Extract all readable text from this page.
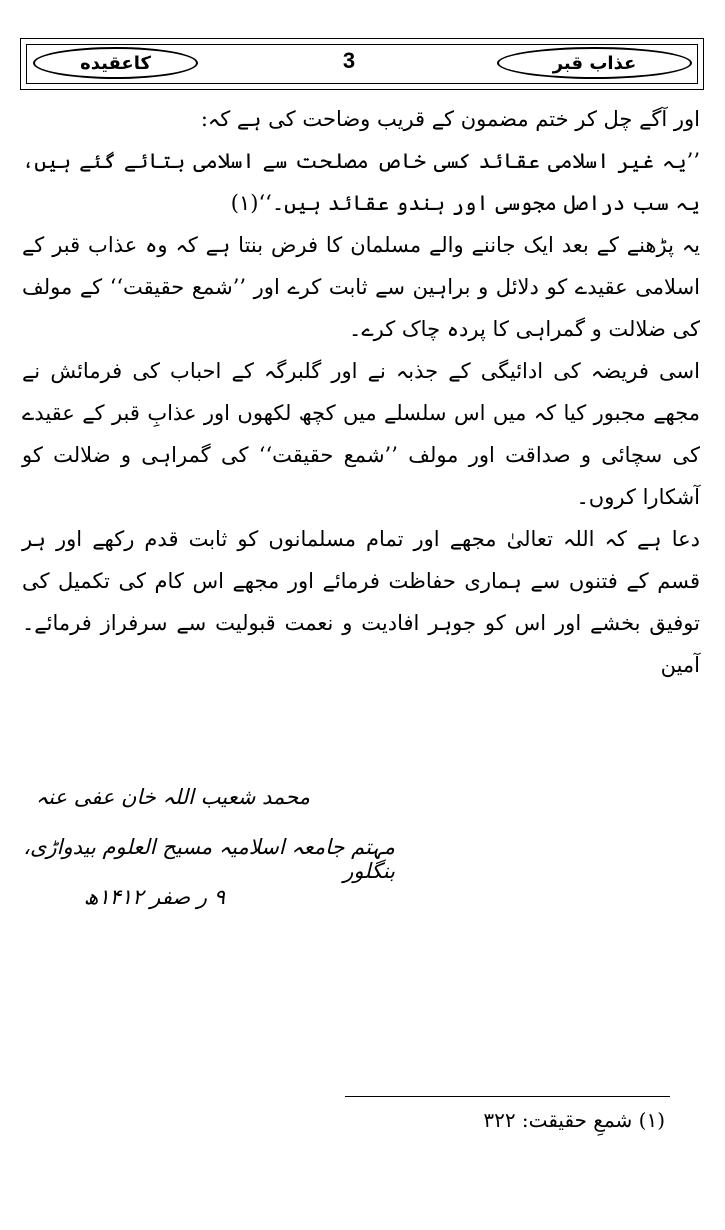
كاعقيده	3	عذاب قبر

اور آگے چل کر ختم مضمون کے قریب وضاحت کی ہے کہ:

’’یہ غیر اسلامی عقائد کسی خاص مصلحت سے اسلامی بتائے گئے ہیں، یہ سب دراصل مجوسی اور ہندو عقائد ہیں۔‘‘(۱)

یہ پڑھنے کے بعد ایک جاننے والے مسلمان کا فرض بنتا ہے کہ وہ عذاب قبر کے اسلامی عقیدے کو دلائل و براہین سے ثابت کرے اور ’’شمع حقیقت‘‘ کے مولف کی ضلالت و گمراہی کا پردہ چاک کرے۔

اسی فریضہ کی ادائیگی کے جذبہ نے اور گلبرگہ کے احباب کی فرمائش نے مجھے مجبور کیا کہ میں اس سلسلے میں کچھ لکھوں اور عذابِ قبر کے عقیدے کی سچائی و صداقت اور مولف ’’شمع حقیقت‘‘ کی گمراہی و ضلالت کو آشکارا کروں۔

دعا ہے کہ اللہ تعالیٰ مجھے اور تمام مسلمانوں کو ثابت قدم رکھے اور ہر قسم کے فتنوں سے ہماری حفاظت فرمائے اور مجھے اس کام کی تکمیل کی توفیق بخشے اور اس کو جوہر افادیت و نعمت قبولیت سے سرفراز فرمائے۔ آمین

محمد شعیب اللہ خان عفی عنہ
مہتم جامعہ اسلامیہ مسیح العلوم بیدواڑی، بنگلور
۹ ر صفر ۱۴۱۲ھ
(۱) شمعِ حقیقت: ۳۲۲
